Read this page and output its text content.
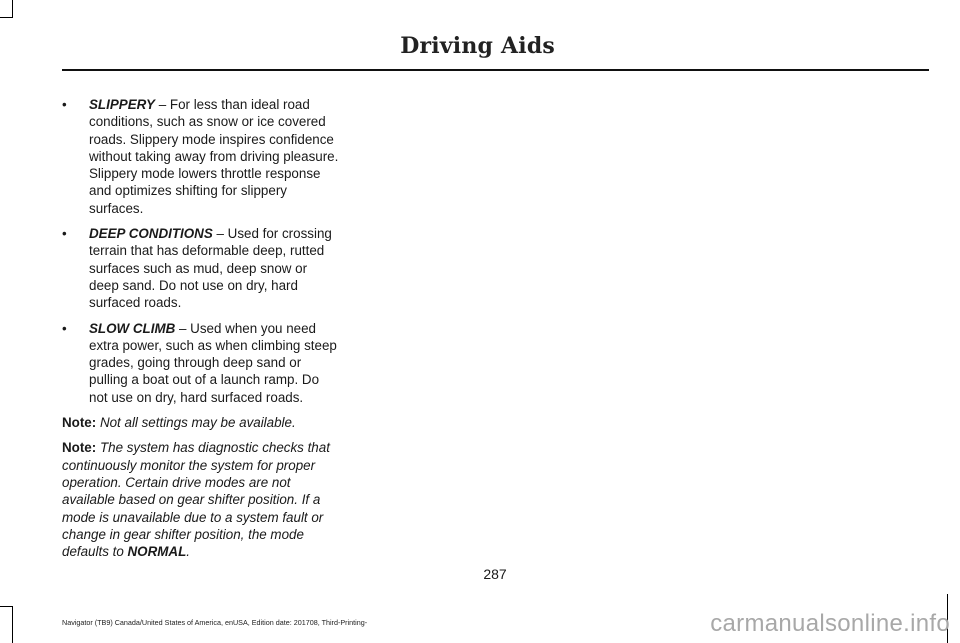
Driving Aids
• SLIPPERY – For less than ideal road conditions, such as snow or ice covered roads. Slippery mode inspires confidence without taking away from driving pleasure. Slippery mode lowers throttle response and optimizes shifting for slippery surfaces.
• DEEP CONDITIONS – Used for crossing terrain that has deformable deep, rutted surfaces such as mud, deep snow or deep sand. Do not use on dry, hard surfaced roads.
• SLOW CLIMB – Used when you need extra power, such as when climbing steep grades, going through deep sand or pulling a boat out of a launch ramp. Do not use on dry, hard surfaced roads.
Note: Not all settings may be available.
Note: The system has diagnostic checks that continuously monitor the system for proper operation. Certain drive modes are not available based on gear shifter position. If a mode is unavailable due to a system fault or change in gear shifter position, the mode defaults to NORMAL.
287
Navigator (TB9) Canada/United States of America, enUSA, Edition date: 201708, Third-Printing-	carmanualsonline.info
